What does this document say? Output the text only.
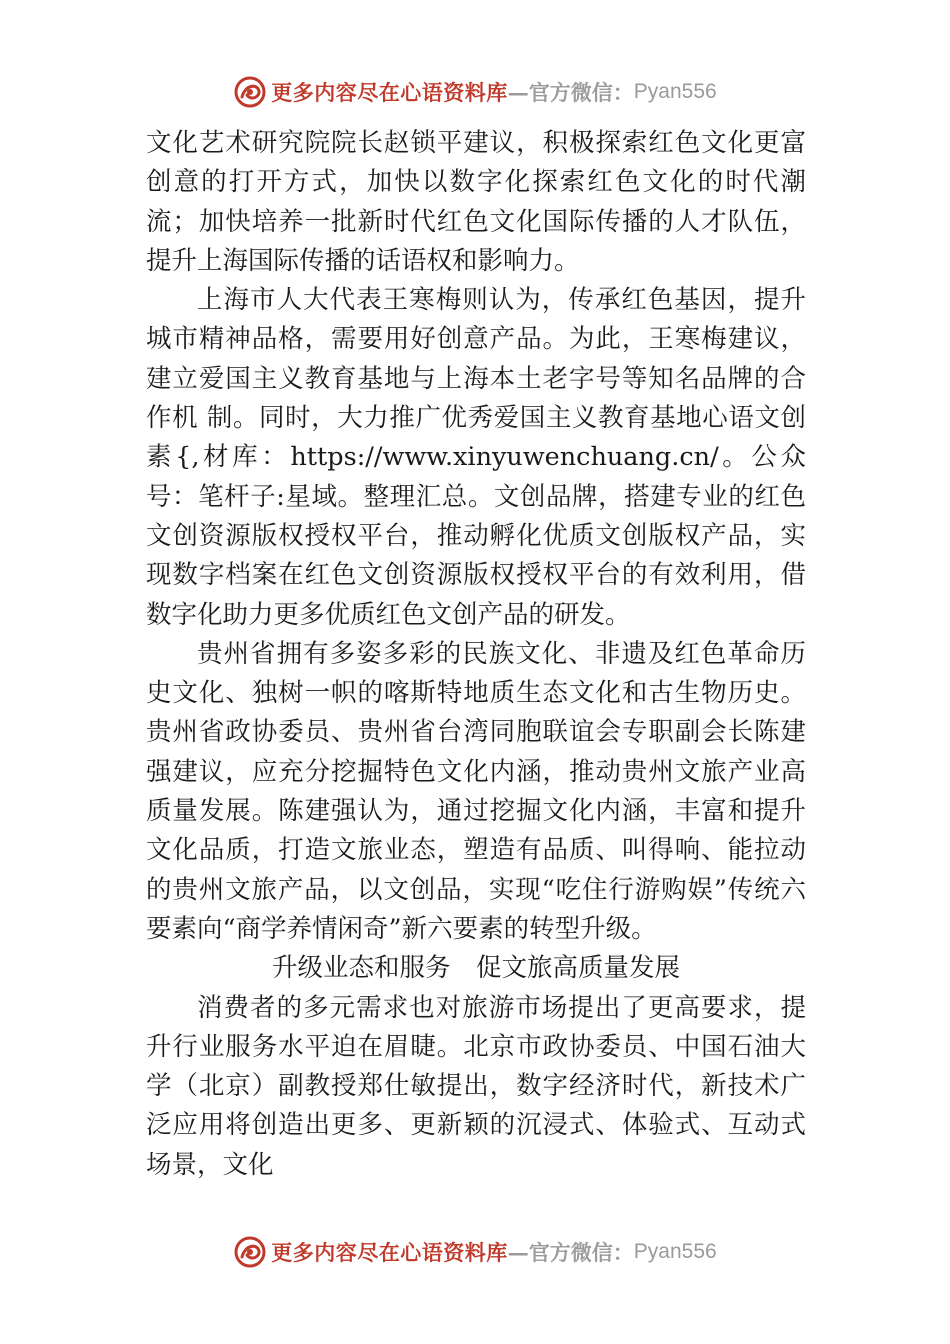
更多内容尽在心语资料库 — 官方微信： Pyan556

文化艺术研究院院长赵锁平建议，积极探索红色文化更富创意的打开方式，加快以数字化探索红色文化的时代潮流；加快培养一批新时代红色文化国际传播的人才队伍，提升上海国际传播的话语权和影响力。

上海市人大代表王寒梅则认为，传承红色基因，提升城市精神品格，需要用好创意产品。为此，王寒梅建议，建立爱国主义教育基地与上海本土老字号等知名品牌的合作机 制。同时，大力推广优秀爱国主义教育基地心语文创素{,材库：https://www.xinyuwenchuang.cn/。公众号：笔杆子:星域。整理汇总。文创品牌，搭建专业的红色文创资源版权授权平台，推动孵化优质文创版权产品，实现数字档案在红色文创资源版权授权平台的有效利用，借数字化助力更多优质红色文创产品的研发。

贵州省拥有多姿多彩的民族文化、非遗及红色革命历史文化、独树一帜的喀斯特地质生态文化和古生物历史。贵州省政协委员、贵州省台湾同胞联谊会专职副会长陈建强建议，应充分挖掘特色文化内涵，推动贵州文旅产业高质量发展。陈建强认为，通过挖掘文化内涵，丰富和提升文化品质，打造文旅业态，塑造有品质、叫得响、能拉动的贵州文旅产品，以文创品，实现“吃住行游购娱”传统六要素向“商学养情闲奇”新六要素的转型升级。

升级业态和服务　促文旅高质量发展

消费者的多元需求也对旅游市场提出了更高要求，提升行业服务水平迫在眉睫。北京市政协委员、中国石油大学（北京）副教授郑仕敏提出，数字经济时代，新技术广泛应用将创造出更多、更新颖的沉浸式、体验式、互动式场景，文化

更多内容尽在心语资料库 — 官方微信： Pyan556
